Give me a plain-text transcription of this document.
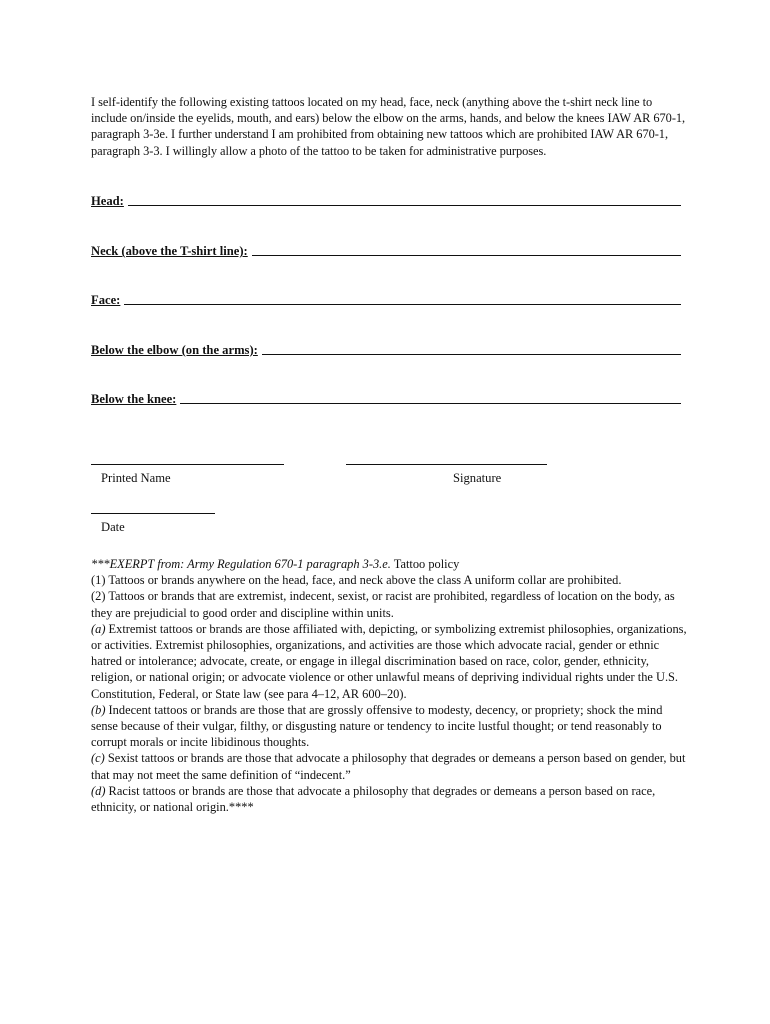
I self-identify the following existing tattoos located on my head, face, neck (anything above the t-shirt neck line to include on/inside the eyelids, mouth, and ears) below the elbow on the arms, hands, and below the knees IAW AR 670-1, paragraph 3-3e. I further understand I am prohibited from obtaining new tattoos which are prohibited IAW AR 670-1, paragraph 3-3. I willingly allow a photo of the tattoo to be taken for administrative purposes.
Head:
Neck (above the T-shirt line):
Face:
Below the elbow (on the arms):
Below the knee:
Printed Name	Signature
Date

***EXERPT from: Army Regulation 670-1 paragraph 3-3.e. Tattoo policy

(1) Tattoos or brands anywhere on the head, face, and neck above the class A uniform collar are prohibited.

(2) Tattoos or brands that are extremist, indecent, sexist, or racist are prohibited, regardless of location on the body, as they are prejudicial to good order and discipline within units.

(a) Extremist tattoos or brands are those affiliated with, depicting, or symbolizing extremist philosophies, organizations, or activities. Extremist philosophies, organizations, and activities are those which advocate racial, gender or ethnic hatred or intolerance; advocate, create, or engage in illegal discrimination based on race, color, gender, ethnicity, religion, or national origin; or advocate violence or other unlawful means of depriving individual rights under the U.S. Constitution, Federal, or State law (see para 4–12, AR 600–20).

(b) Indecent tattoos or brands are those that are grossly offensive to modesty, decency, or propriety; shock the mind sense because of their vulgar, filthy, or disgusting nature or tendency to incite lustful thought; or tend reasonably to corrupt morals or incite libidinous thoughts.

(c) Sexist tattoos or brands are those that advocate a philosophy that degrades or demeans a person based on gender, but that may not meet the same definition of “indecent.”

(d) Racist tattoos or brands are those that advocate a philosophy that degrades or demeans a person based on race, ethnicity, or national origin.****
